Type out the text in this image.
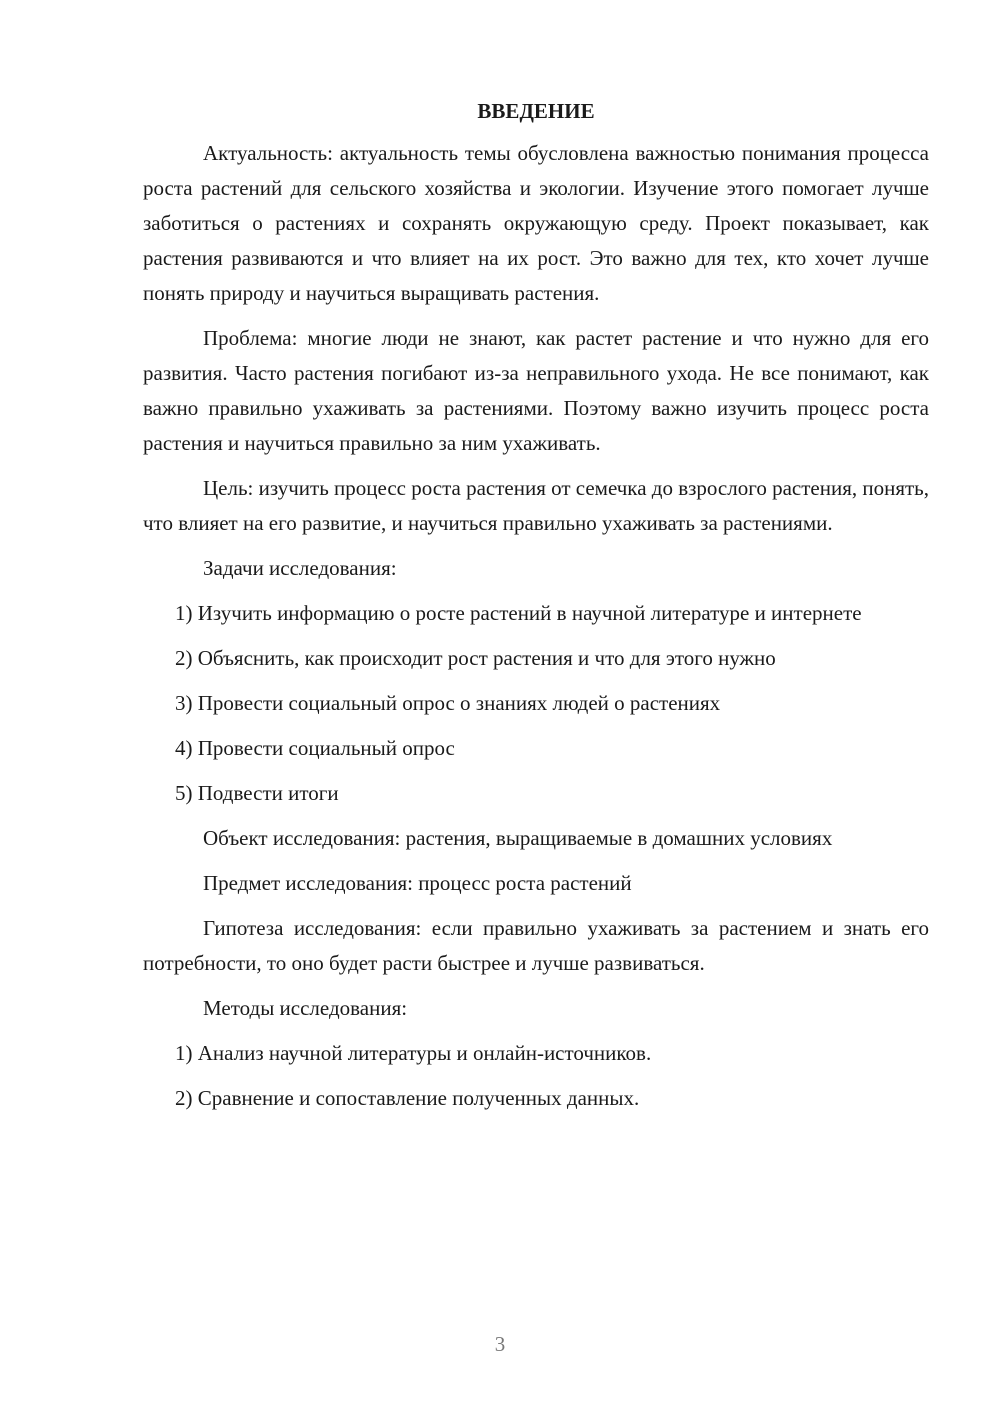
ВВЕДЕНИЕ
Актуальность: актуальность темы обусловлена важностью понимания процесса роста растений для сельского хозяйства и экологии. Изучение этого помогает лучше заботиться о растениях и сохранять окружающую среду. Проект показывает, как растения развиваются и что влияет на их рост. Это важно для тех, кто хочет лучше понять природу и научиться выращивать растения.
Проблема: многие люди не знают, как растет растение и что нужно для его развития. Часто растения погибают из-за неправильного ухода. Не все понимают, как важно правильно ухаживать за растениями. Поэтому важно изучить процесс роста растения и научиться правильно за ним ухаживать.
Цель: изучить процесс роста растения от семечка до взрослого растения, понять, что влияет на его развитие, и научиться правильно ухаживать за растениями.
Задачи исследования:
1) Изучить информацию о росте растений в научной литературе и интернете
2) Объяснить, как происходит рост растения и что для этого нужно
3) Провести социальный опрос о знаниях людей о растениях
4) Провести социальный опрос
5) Подвести итоги
Объект исследования: растения, выращиваемые в домашних условиях
Предмет исследования: процесс роста растений
Гипотеза исследования: если правильно ухаживать за растением и знать его потребности, то оно будет расти быстрее и лучше развиваться.
Методы исследования:
1) Анализ научной литературы и онлайн-источников.
2) Сравнение и сопоставление полученных данных.
3
